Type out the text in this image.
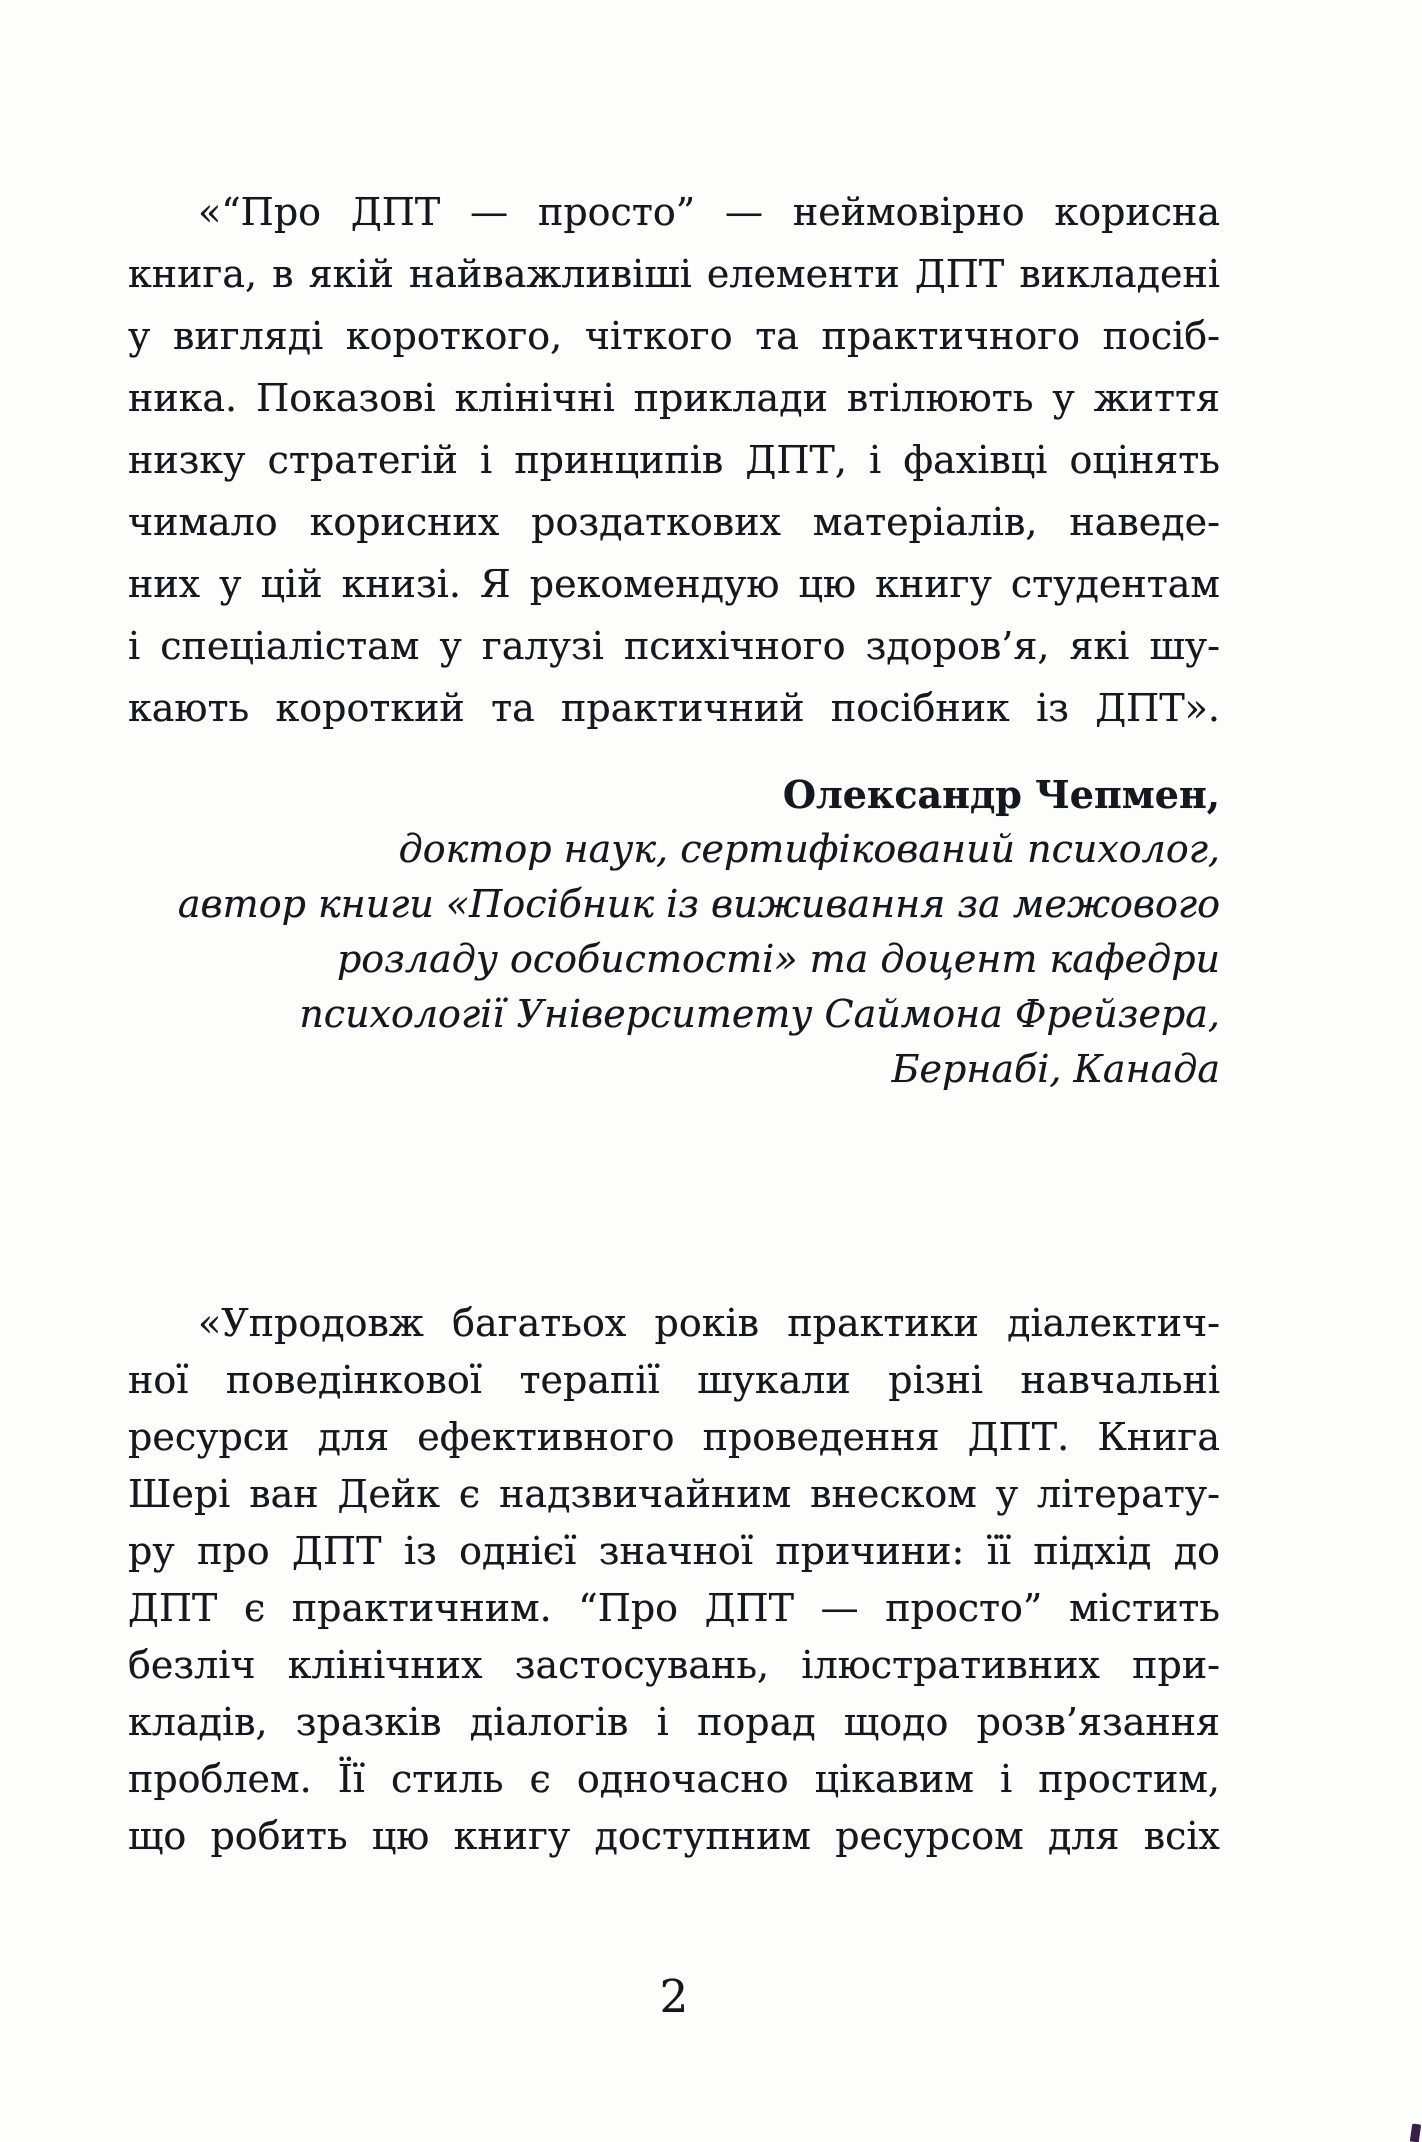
«“Про ДПТ — просто” — неймовірно корисна
книга, в якій найважливіші елементи ДПТ викладені
у вигляді короткого, чіткого та практичного посіб-
ника. Показові клінічні приклади втілюють у життя
низку стратегій і принципів ДПТ, і фахівці оцінять
чимало корисних роздаткових матеріалів, наведе-
них у цій книзі. Я рекомендую цю книгу студентам
і спеціалістам у галузі психічного здоров’я, які шу-
кають короткий та практичний посібник із ДПТ».
Олександр Чепмен,
доктор наук, сертифікований психолог,
автор книги «Посібник із виживання за межового
розладу особистості» та доцент кафедри
психології Університету Саймона Фрейзера,
Бернабі, Канада
«Упродовж багатьох років практики діалектич-
ної поведінкової терапії шукали різні навчальні
ресурси для ефективного проведення ДПТ. Книга
Шері ван Дейк є надзвичайним внеском у літерату-
ру про ДПТ із однієї значної причини: її підхід до
ДПТ є практичним. “Про ДПТ — просто” містить
безліч клінічних застосувань, ілюстративних при-
кладів, зразків діалогів і порад щодо розв’язання
проблем. Її стиль є одночасно цікавим і простим,
що робить цю книгу доступним ресурсом для всіх
2
